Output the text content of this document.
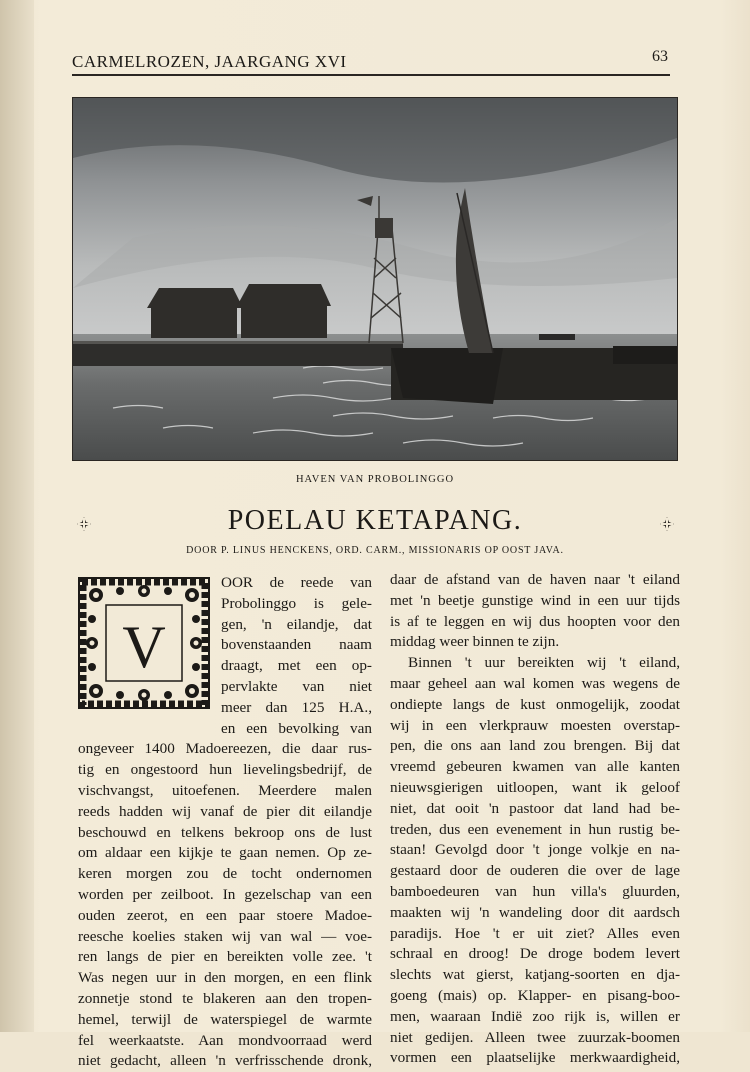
CARMELROZEN, JAARGANG XVI	63
HAVEN VAN PROBOLINGGO
POELAU KETAPANG.
DOOR P. LINUS HENCKENS, ORD. CARM., MISSIONARIS OP OOST JAVA.
V
OOR de reede van
Probolinggo is gele-
gen, 'n eilandje, dat
bovenstaanden naam
draagt, met een op-
pervlakte van niet
meer dan 125 H.A.,
en een bevolking van
ongeveer 1400 Madoereezen, die daar rus-
tig en ongestoord hun lievelingsbedrijf, de
vischvangst, uitoefenen. Meerdere malen
reeds hadden wij vanaf de pier dit eilandje
beschouwd en telkens bekroop ons de lust
om aldaar een kijkje te gaan nemen. Op ze-
keren morgen zou de tocht ondernomen
worden per zeilboot. In gezelschap van een
ouden zeerot, en een paar stoere Madoe-
reesche koelies staken wij van wal — voe-
ren langs de pier en bereikten volle zee. 't
Was negen uur in den morgen, en een flink
zonnetje stond te blakeren aan den tropen-
hemel, terwijl de waterspiegel de warmte
fel weerkaatste. Aan mondvoorraad werd
niet gedacht, alleen 'n verfrisschende dronk,
daar de afstand van de haven naar 't eiland
met 'n beetje gunstige wind in een uur tijds
is af te leggen en wij dus hoopten voor den
middag weer binnen te zijn.
Binnen 't uur bereikten wij 't eiland,
maar geheel aan wal komen was wegens de
ondiepte langs de kust onmogelijk, zoodat
wij in een vlerkprauw moesten overstap-
pen, die ons aan land zou brengen. Bij dat
vreemd gebeuren kwamen van alle kanten
nieuwsgierigen uitloopen, want ik geloof
niet, dat ooit 'n pastoor dat land had be-
treden, dus een evenement in hun rustig be-
staan! Gevolgd door 't jonge volkje en na-
gestaard door de ouderen die over de lage
bamboedeuren van hun villa's gluurden,
maakten wij 'n wandeling door dit aardsch
paradijs. Hoe 't er uit ziet? Alles even
schraal en droog! De droge bodem levert
slechts wat gierst, katjang-soorten en dja-
goeng (mais) op. Klapper- en pisang-boo-
men, waaraan Indië zoo rijk is, willen er
niet gedijen. Alleen twee zuurzak-boomen
vormen een plaatselijke merkwaardigheid,
